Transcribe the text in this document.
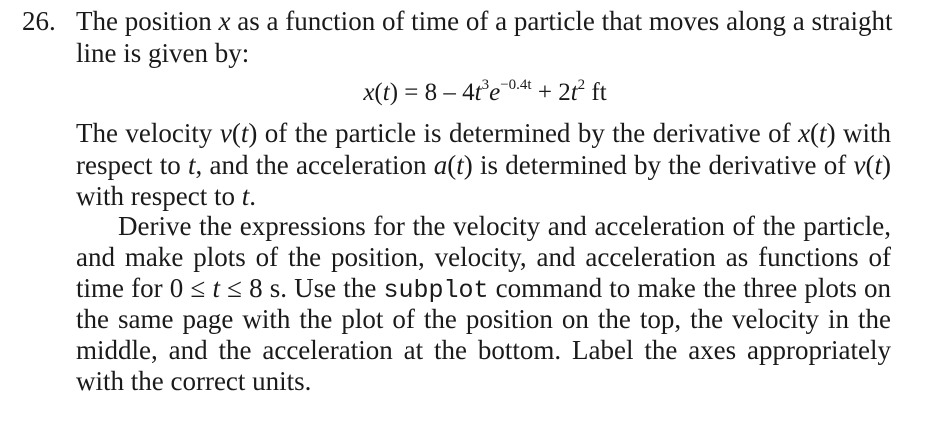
26. The position x as a function of time of a particle that moves along a straight
line is given by:
$x(t) = 8 - 4t^3e^{-0.4t} + 2t^2$ ft
The velocity v(t) of the particle is determined by the derivative of x(t) with
respect to t, and the acceleration a(t) is determined by the derivative of v(t)
with respect to t.
Derive the expressions for the velocity and acceleration of the particle,
and make plots of the position, velocity, and acceleration as functions of
time for 0 ≤ t ≤ 8 s. Use the subplot command to make the three plots on
the same page with the plot of the position on the top, the velocity in the
middle, and the acceleration at the bottom. Label the axes appropriately
with the correct units.
